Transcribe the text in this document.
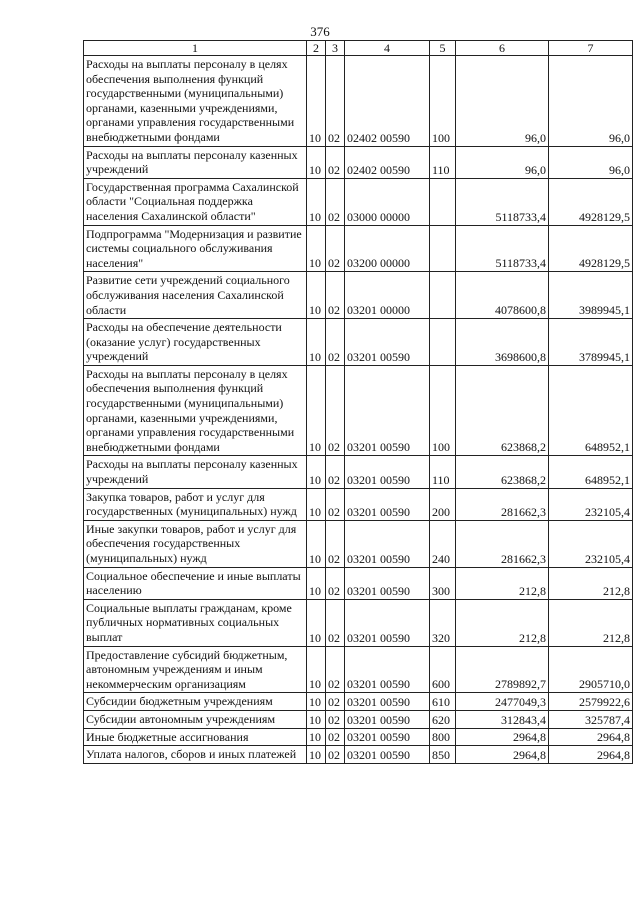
376
1	2	3	4	5	6	7
Расходы на выплаты персоналу в целях обеспечения выполнения функций государственными (муниципальными) органами, казенными учреждениями, органами управления государственными внебюджетными фондами	10	02	02402 00590	100	96,0	96,0
Расходы на выплаты персоналу казенных учреждений	10	02	02402 00590	110	96,0	96,0
Государственная программа Сахалинской области "Социальная поддержка населения Сахалинской области"	10	02	03000 00000		5118733,4	4928129,5
Подпрограмма "Модернизация и развитие системы социального обслуживания населения"	10	02	03200 00000		5118733,4	4928129,5
Развитие сети учреждений социального обслуживания населения Сахалинской области	10	02	03201 00000		4078600,8	3989945,1
Расходы на обеспечение деятельности (оказание услуг) государственных учреждений	10	02	03201 00590		3698600,8	3789945,1
Расходы на выплаты персоналу в целях обеспечения выполнения функций государственными (муниципальными) органами, казенными учреждениями, органами управления государственными внебюджетными фондами	10	02	03201 00590	100	623868,2	648952,1
Расходы на выплаты персоналу казенных учреждений	10	02	03201 00590	110	623868,2	648952,1
Закупка товаров, работ и услуг для государственных (муниципальных) нужд	10	02	03201 00590	200	281662,3	232105,4
Иные закупки товаров, работ и услуг для обеспечения государственных (муниципальных) нужд	10	02	03201 00590	240	281662,3	232105,4
Социальное обеспечение и иные выплаты населению	10	02	03201 00590	300	212,8	212,8
Социальные выплаты гражданам, кроме публичных нормативных социальных выплат	10	02	03201 00590	320	212,8	212,8
Предоставление субсидий бюджетным, автономным учреждениям и иным некоммерческим организациям	10	02	03201 00590	600	2789892,7	2905710,0
Субсидии бюджетным учреждениям	10	02	03201 00590	610	2477049,3	2579922,6
Субсидии автономным учреждениям	10	02	03201 00590	620	312843,4	325787,4
Иные бюджетные ассигнования	10	02	03201 00590	800	2964,8	2964,8
Уплата налогов, сборов и иных платежей	10	02	03201 00590	850	2964,8	2964,8
